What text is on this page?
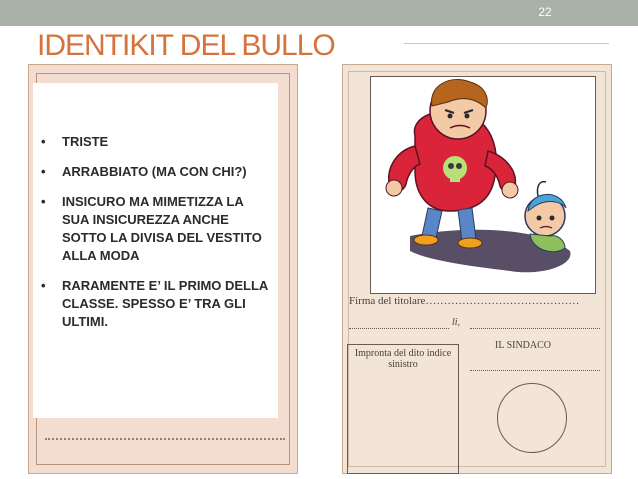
22
IDENTIKIT DEL BULLO
• TRISTE
• ARRABBIATO (MA CON CHI?)
• INSICURO MA MIMETIZZA LA SUA INSICUREZZA ANCHE SOTTO LA DIVISA DEL VESTITO ALLA MODA
• RARAMENTE E’ IL PRIMO DELLA CLASSE. SPESSO E’ TRA GLI ULTIMI.
Firma del titolare……………………………………
li,
IL SINDACO
Impronta del dito indice sinistro
